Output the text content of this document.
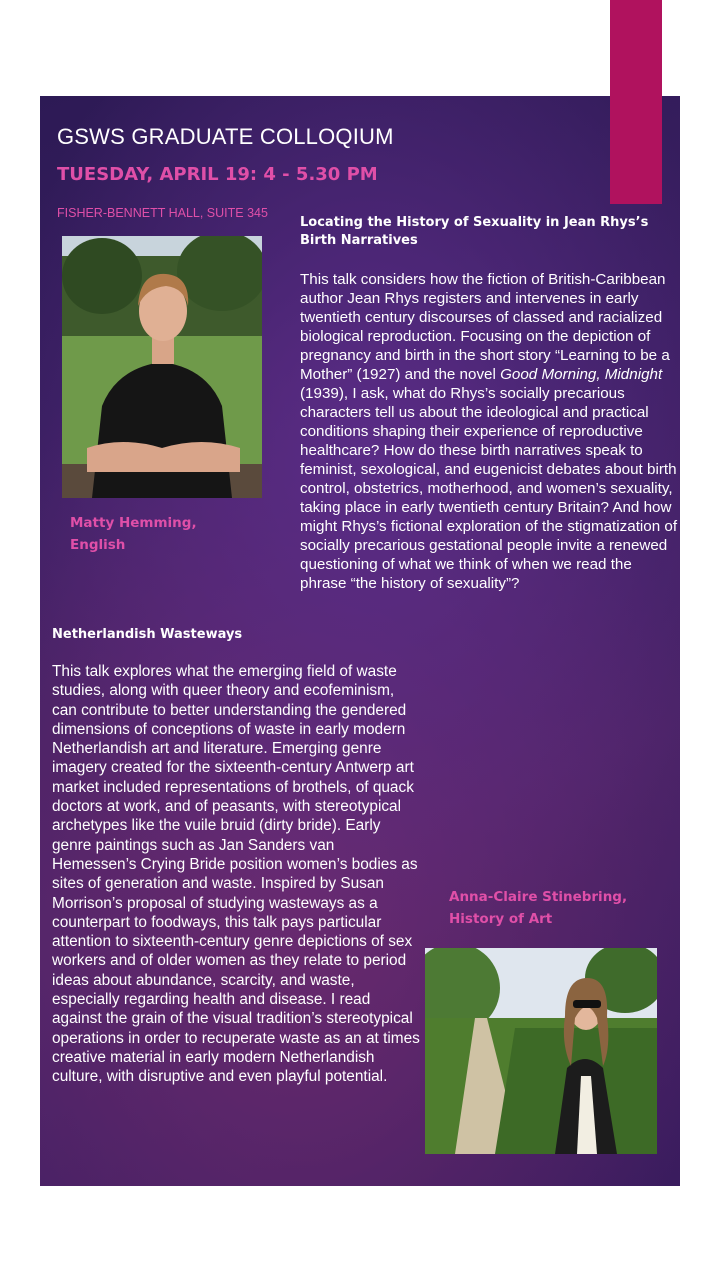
GSWS GRADUATE COLLOQIUM
TUESDAY, APRIL 19: 4 - 5.30 PM
FISHER-BENNETT HALL, SUITE 345
Locating the History of Sexuality in Jean Rhys’s Birth Narratives
This talk considers how the fiction of British-Caribbean author Jean Rhys registers and intervenes in early twentieth century discourses of classed and racialized biological reproduction. Focusing on the depiction of pregnancy and birth in the short story “Learning to be a Mother” (1927) and the novel Good Morning, Midnight (1939), I ask, what do Rhys’s socially precarious characters tell us about the ideological and practical conditions shaping their experience of reproductive healthcare? How do these birth narratives speak to feminist, sexological, and eugenicist debates about birth control, obstetrics, motherhood, and women’s sexuality, taking place in early twentieth century Britain? And how might Rhys’s fictional exploration of the stigmatization of socially precarious gestational people invite a renewed questioning of what we think of when we read the phrase “the history of sexuality”?
Matty Hemming,
English
Netherlandish Wasteways
This talk explores what the emerging field of waste studies, along with queer theory and ecofeminism, can contribute to better understanding the gendered dimensions of conceptions of waste in early modern Netherlandish art and literature. Emerging genre imagery created for the sixteenth-century Antwerp art market included representations of brothels, of quack doctors at work, and of peasants, with stereotypical archetypes like the vuile bruid (dirty bride). Early genre paintings such as Jan Sanders van Hemessen’s Crying Bride position women’s bodies as sites of generation and waste. Inspired by Susan Morrison’s proposal of studying wasteways as a counterpart to foodways, this talk pays particular attention to sixteenth-century genre depictions of sex workers and of older women as they relate to period ideas about abundance, scarcity, and waste, especially regarding health and disease. I read against the grain of the visual tradition’s stereotypical operations in order to recuperate waste as an at times creative material in early modern Netherlandish culture, with disruptive and even playful potential.
Anna-Claire Stinebring,
History of Art
